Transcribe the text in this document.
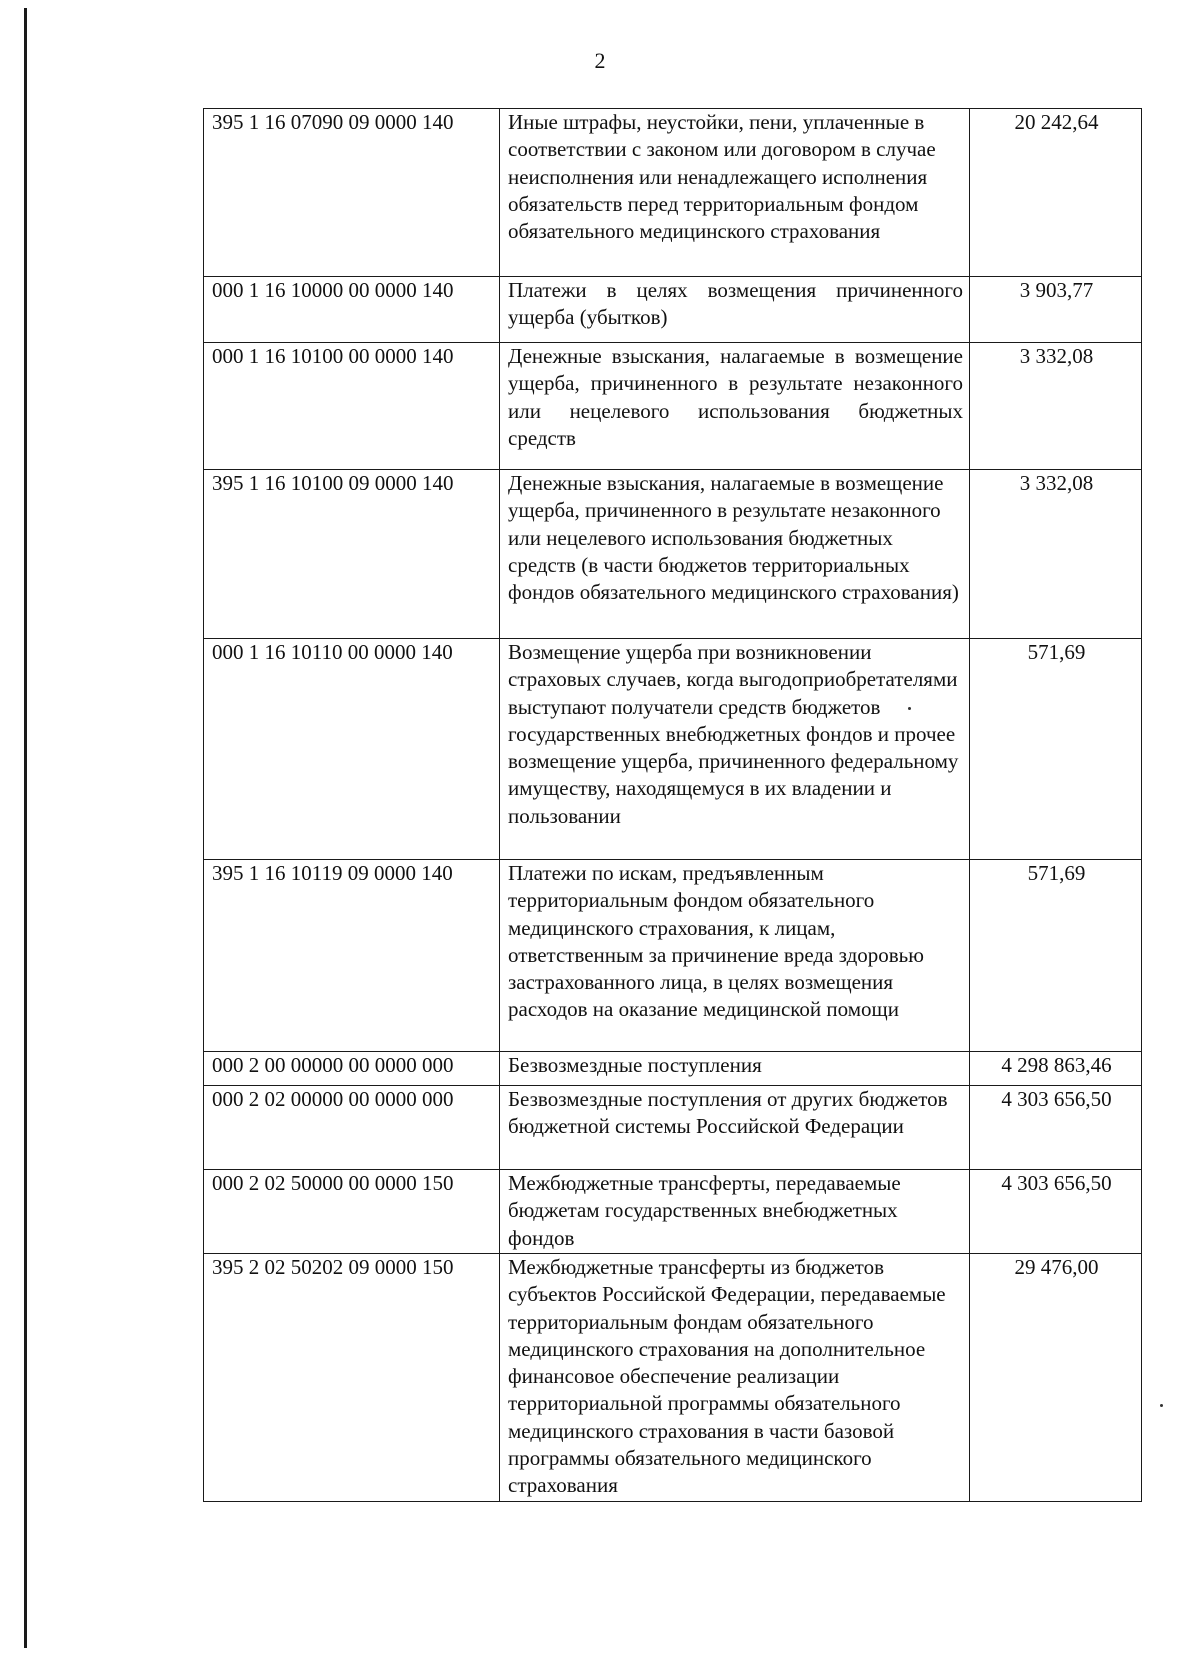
2
395 1 16 07090 09 0000 140	Иные штрафы, неустойки, пени, уплаченные в соответствии с законом или договором в случае неисполнения или ненадлежащего исполнения обязательств перед территориальным фондом обязательного медицинского страхования	20 242,64
000 1 16 10000 00 0000 140	Платежи в целях возмещения причиненного ущерба (убытков)	3 903,77
000 1 16 10100 00 0000 140	Денежные взыскания, налагаемые в возмещение ущерба, причиненного в результате незаконного или нецелевого использования бюджетных средств	3 332,08
395 1 16 10100 09 0000 140	Денежные взыскания, налагаемые в возмещение ущерба, причиненного в результате незаконного или нецелевого использования бюджетных средств (в части бюджетов территориальных фондов обязательного медицинского страхования)	3 332,08
000 1 16 10110 00 0000 140	Возмещение ущерба при возникновении страховых случаев, когда выгодоприобретателями выступают получатели средств бюджетов государственных внебюджетных фондов и прочее возмещение ущерба, причиненного федеральному имуществу, находящемуся в их владении и пользовании	571,69
395 1 16 10119 09 0000 140	Платежи по искам, предъявленным территориальным фондом обязательного медицинского страхования, к лицам, ответственным за причинение вреда здоровью застрахованного лица, в целях возмещения расходов на оказание медицинской помощи	571,69
000 2 00 00000 00 0000 000	Безвозмездные поступления	4 298 863,46
000 2 02 00000 00 0000 000	Безвозмездные поступления от других бюджетов бюджетной системы Российской Федерации	4 303 656,50
000 2 02 50000 00 0000 150	Межбюджетные трансферты, передаваемые бюджетам государственных внебюджетных фондов	4 303 656,50
395 2 02 50202 09 0000 150	Межбюджетные трансферты из бюджетов субъектов Российской Федерации, передаваемые территориальным фондам обязательного медицинского страхования на дополнительное финансовое обеспечение реализации территориальной программы обязательного медицинского страхования в части базовой программы обязательного медицинского страхования	29 476,00
